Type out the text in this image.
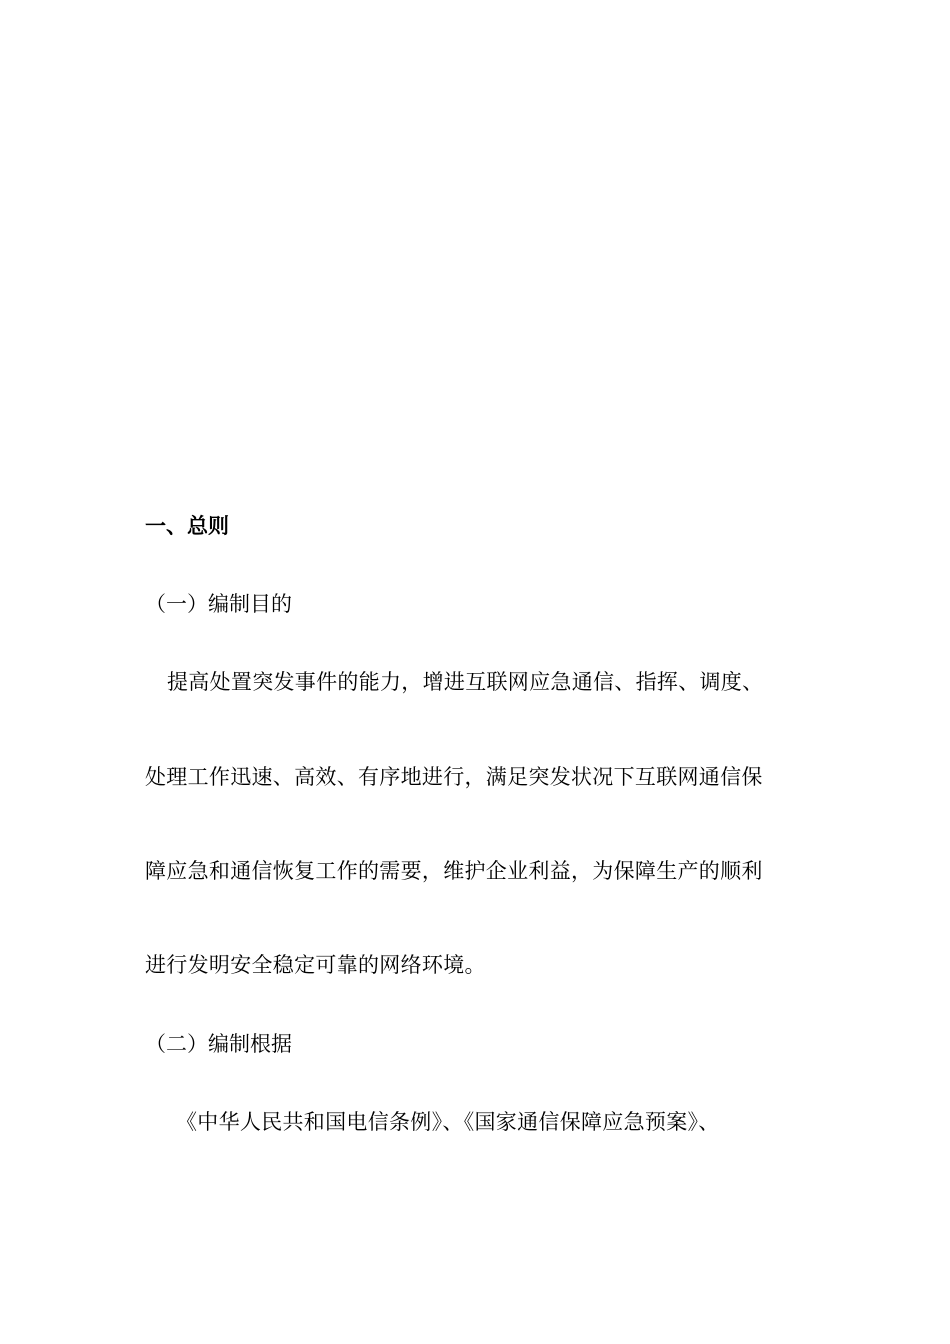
一、总则
（一）编制目的
提高处置突发事件的能力，增进互联网应急通信、指挥、调度、
处理工作迅速、高效、有序地进行，满足突发状况下互联网通信保
障应急和通信恢复工作的需要，维护企业利益，为保障生产的顺利
进行发明安全稳定可靠的网络环境。
（二）编制根据
《中华人民共和国电信条例》、《国家通信保障应急预案》、
